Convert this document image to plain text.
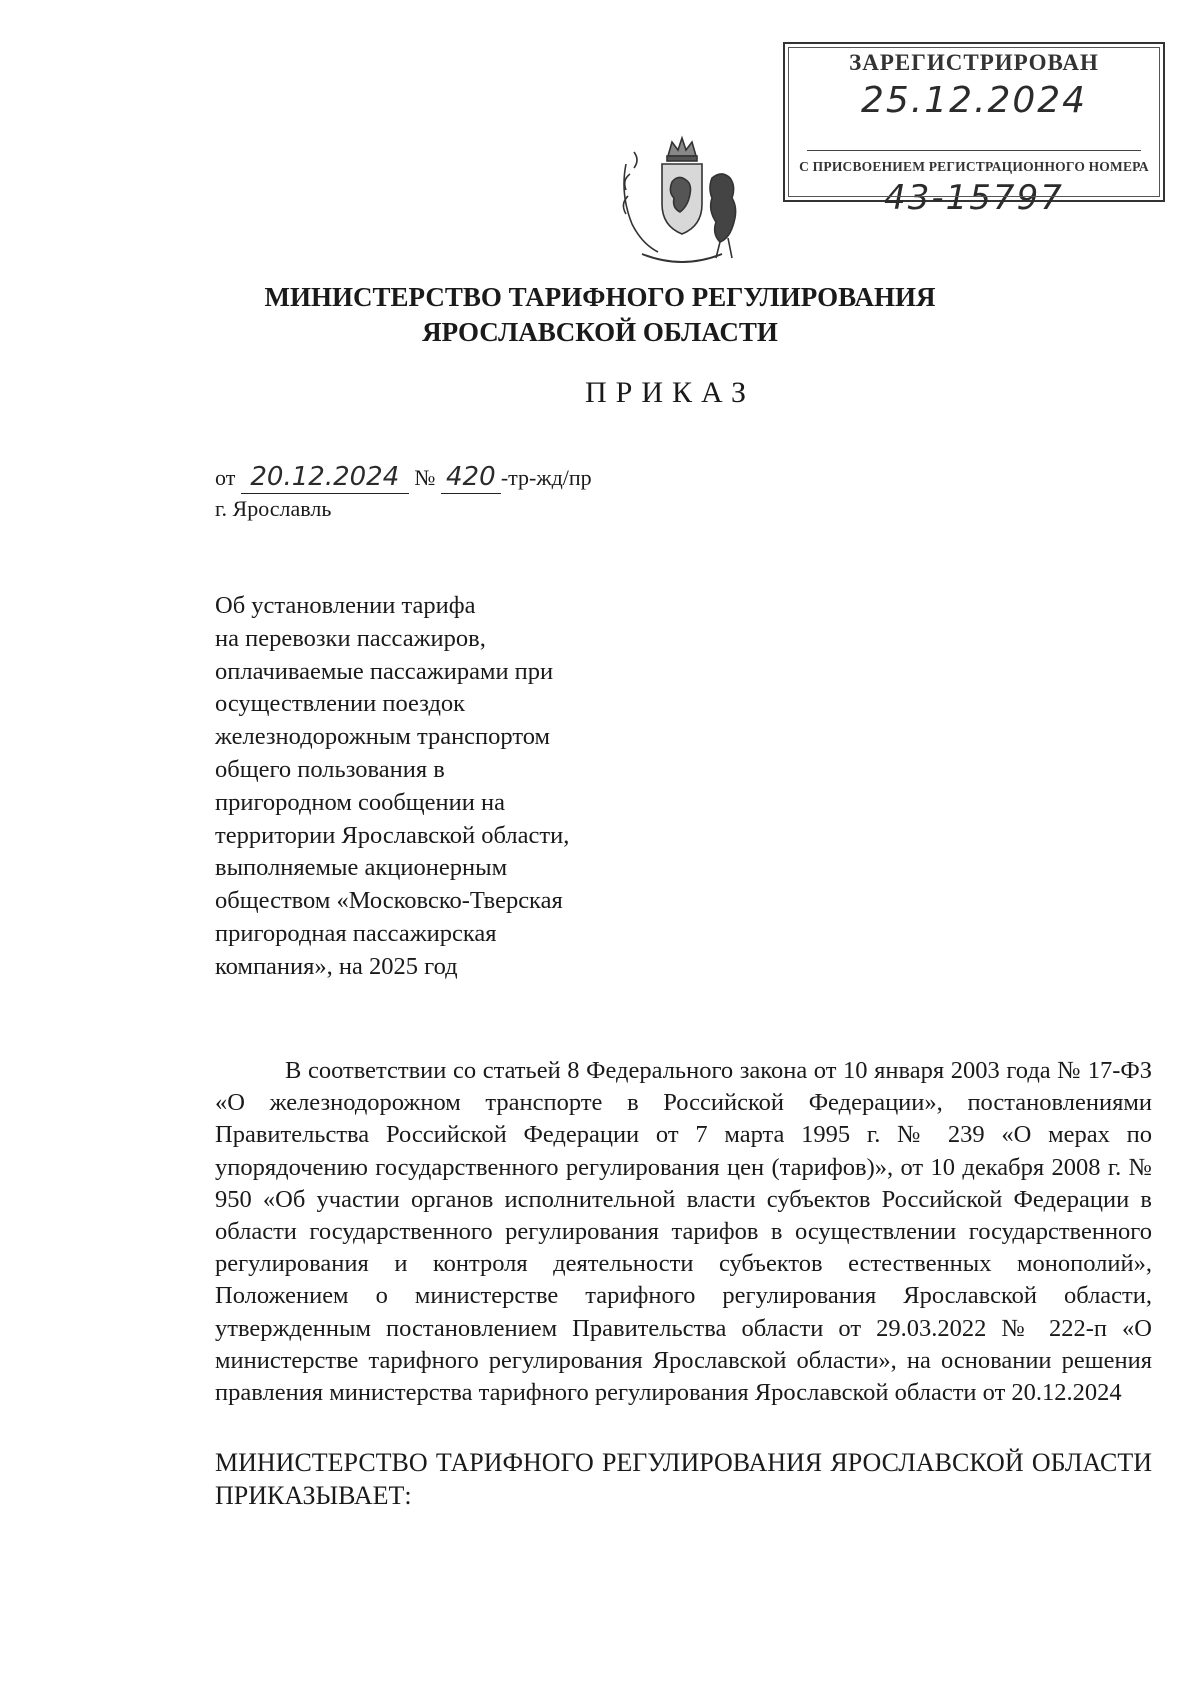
ЗАРЕГИСТРИРОВАН
25.12.2024
С ПРИСВОЕНИЕМ РЕГИСТРАЦИОННОГО НОМЕРА
43-15797
МИНИСТЕРСТВО ТАРИФНОГО РЕГУЛИРОВАНИЯ
ЯРОСЛАВСКОЙ ОБЛАСТИ
ПРИКАЗ
от 20.12.2024 № 420 -тр-жд/пр
г. Ярославль
Об установлении тарифа
на перевозки пассажиров,
оплачиваемые пассажирами при
осуществлении поездок
железнодорожным транспортом
общего пользования в
пригородном сообщении на
территории Ярославской области,
выполняемые акционерным
обществом «Московско-Тверская
пригородная пассажирская
компания», на 2025 год
В соответствии со статьей 8 Федерального закона от 10 января 2003 года № 17-ФЗ «О железнодорожном транспорте в Российской Федерации», постановлениями Правительства Российской Федерации от 7 марта 1995 г. № 239 «О мерах по упорядочению государственного регулирования цен (тарифов)», от 10 декабря 2008 г. № 950 «Об участии органов исполнительной власти субъектов Российской Федерации в области государственного регулирования тарифов в осуществлении государственного регулирования и контроля деятельности субъектов естественных монополий», Положением о министерстве тарифного регулирования Ярославской области, утвержденным постановлением Правительства области от 29.03.2022 № 222-п «О министерстве тарифного регулирования Ярославской области», на основании решения правления министерства тарифного регулирования Ярославской области от 20.12.2024
МИНИСТЕРСТВО ТАРИФНОГО РЕГУЛИРОВАНИЯ ЯРОСЛАВСКОЙ ОБЛАСТИ ПРИКАЗЫВАЕТ:
